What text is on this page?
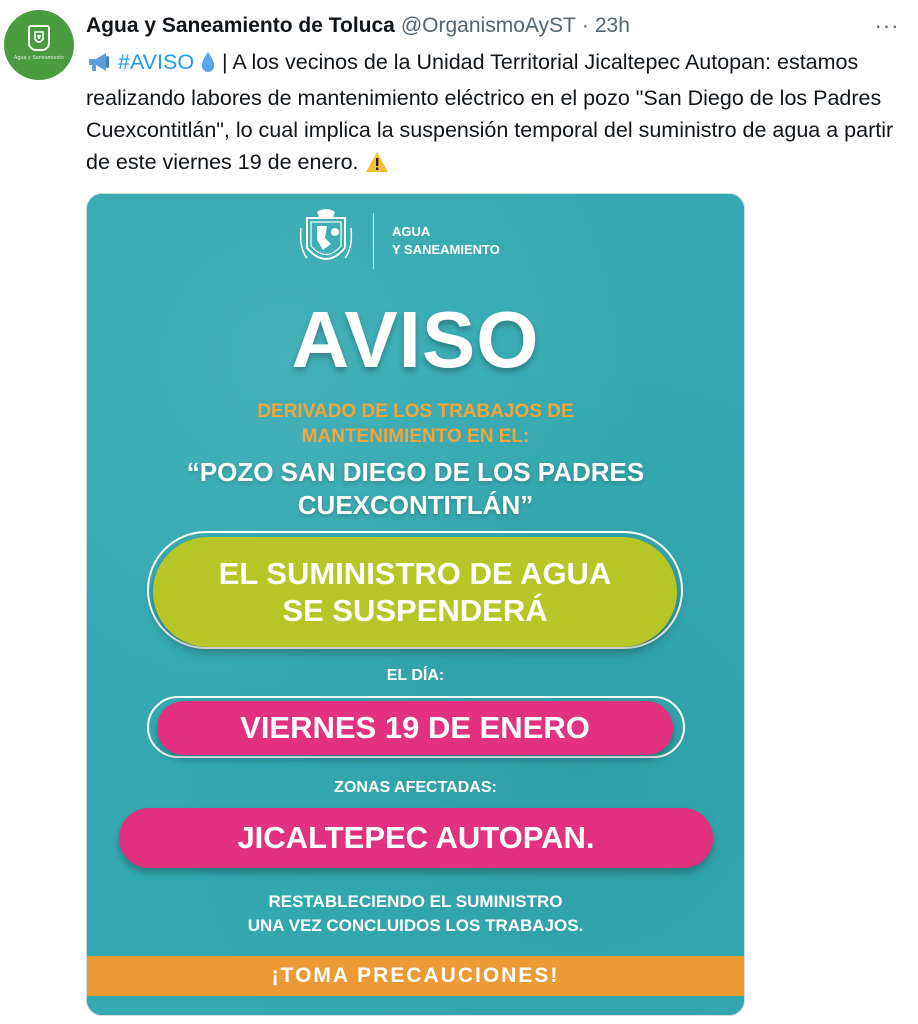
Agua y Saneamiento
Agua y Saneamiento de Toluca @OrganismoAyST · 23h	···
#AVISO  | A los vecinos de la Unidad Territorial Jicaltepec Autopan: estamos realizando labores de mantenimiento eléctrico en el pozo "San Diego de los Padres Cuexcontitlán", lo cual implica la suspensión temporal del suministro de agua a partir de este viernes 19 de enero.
AGUA
Y SANEAMIENTO
AVISO
DERIVADO DE LOS TRABAJOS DE
MANTENIMIENTO EN EL:
“POZO SAN DIEGO DE LOS PADRES
CUEXCONTITLÁN”
EL SUMINISTRO DE AGUA
SE SUSPENDERÁ
EL DÍA:
VIERNES 19 DE ENERO
ZONAS AFECTADAS:
JICALTEPEC AUTOPAN.
RESTABLECIENDO EL SUMINISTRO
UNA VEZ CONCLUIDOS LOS TRABAJOS.
¡TOMA PRECAUCIONES!
